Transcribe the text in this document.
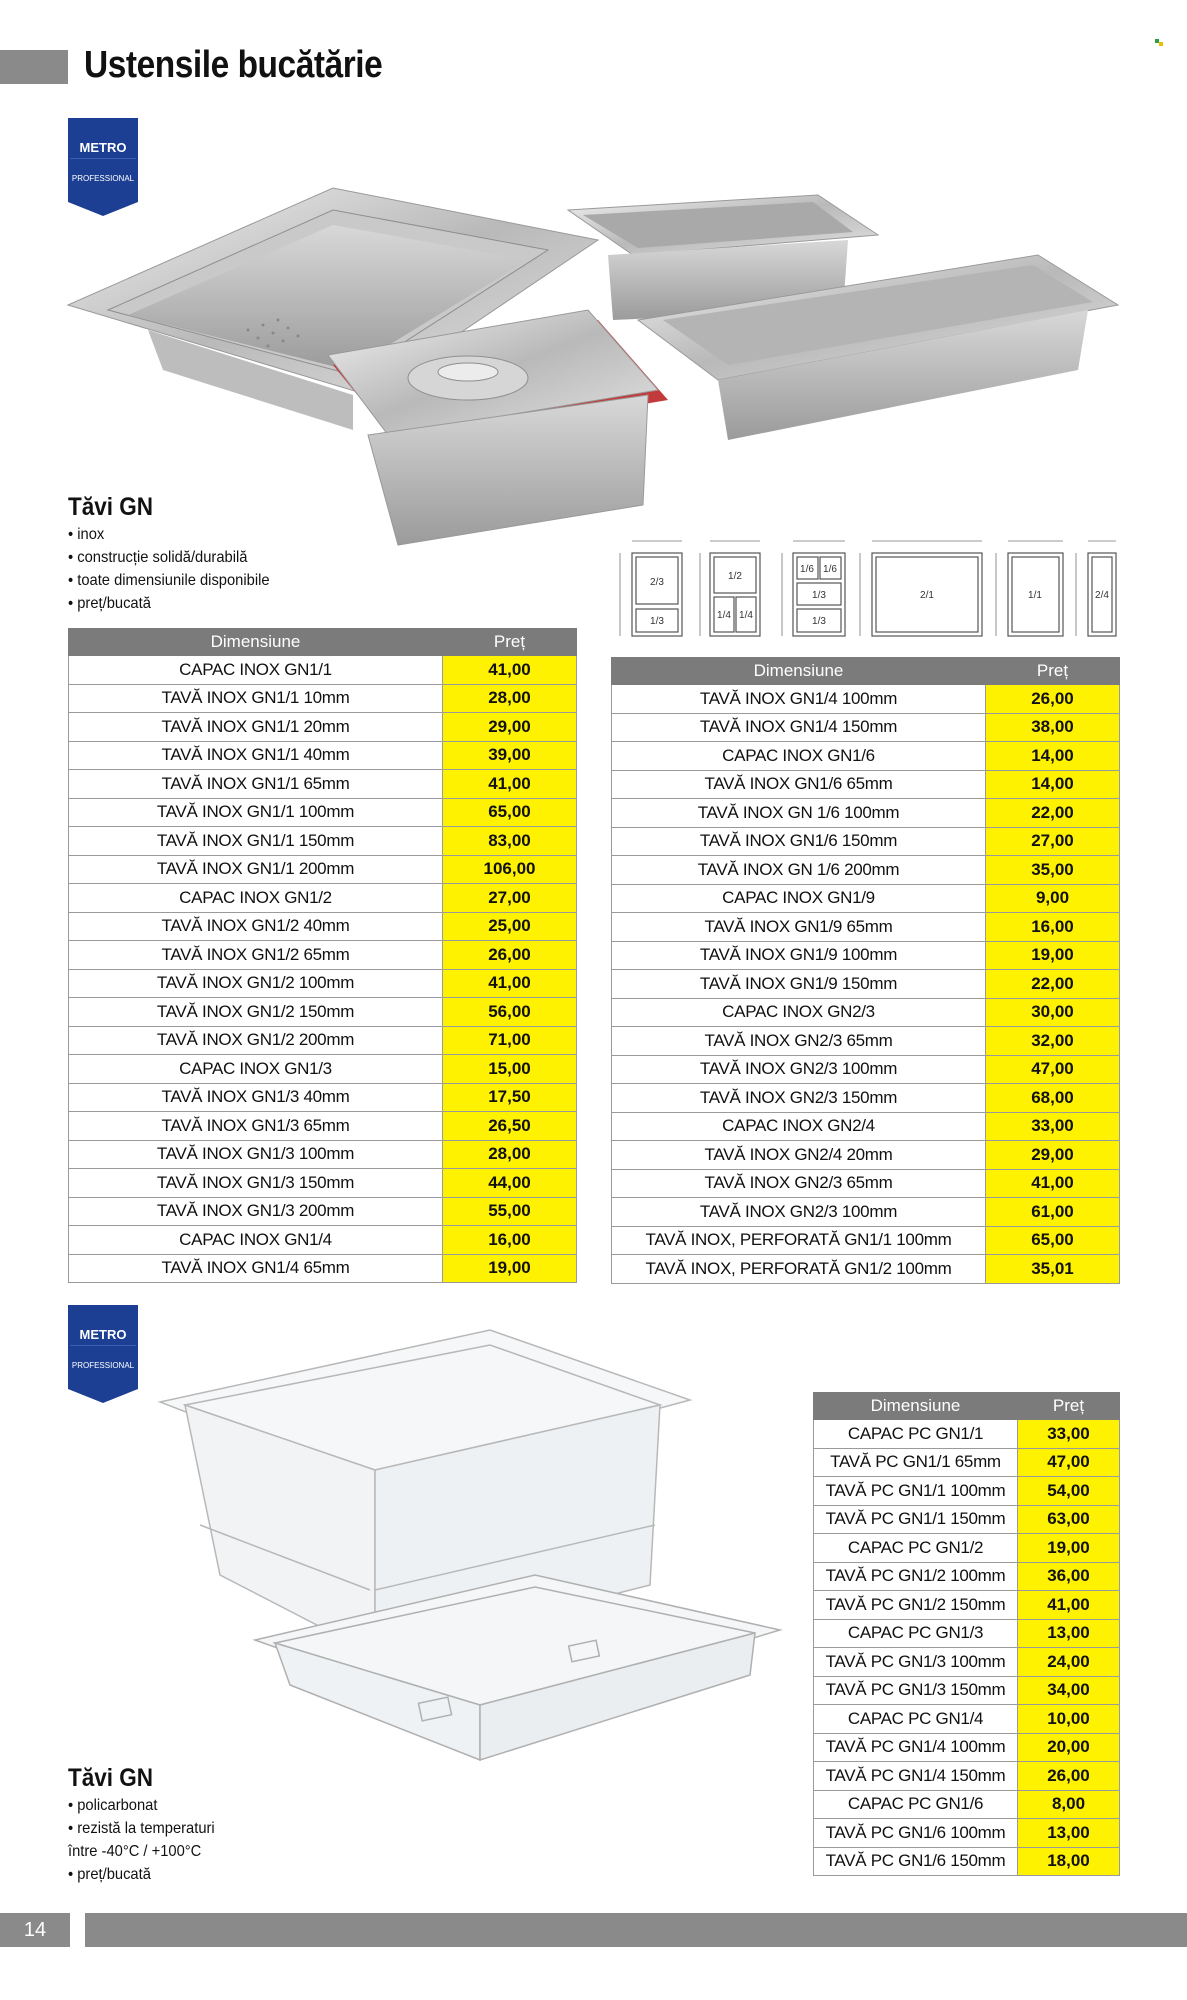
Ustensile bucătărie
METRO
PROFESSIONAL
Tăvi GN
• inox
• construcție solidă/durabilă
• toate dimensiunile disponibile
• preț/bucată
2/3
1/3
1/2
1/4 1/4
1/6 1/6
1/3
1/3
2/1	1/1	2/4
Dimensiune	Preț
CAPAC INOX GN1/1	41,00
TAVĂ INOX GN1/1 10mm	28,00
TAVĂ INOX GN1/1 20mm	29,00
TAVĂ INOX GN1/1 40mm	39,00
TAVĂ INOX GN1/1 65mm	41,00
TAVĂ INOX GN1/1 100mm	65,00
TAVĂ INOX GN1/1 150mm	83,00
TAVĂ INOX GN1/1 200mm	106,00
CAPAC INOX GN1/2	27,00
TAVĂ INOX GN1/2 40mm	25,00
TAVĂ INOX GN1/2 65mm	26,00
TAVĂ INOX GN1/2 100mm	41,00
TAVĂ INOX GN1/2 150mm	56,00
TAVĂ INOX GN1/2 200mm	71,00
CAPAC INOX GN1/3	15,00
TAVĂ INOX GN1/3 40mm	17,50
TAVĂ INOX GN1/3 65mm	26,50
TAVĂ INOX GN1/3 100mm	28,00
TAVĂ INOX GN1/3 150mm	44,00
TAVĂ INOX GN1/3 200mm	55,00
CAPAC INOX GN1/4	16,00
TAVĂ INOX GN1/4 65mm	19,00
Dimensiune	Preț
TAVĂ INOX GN1/4 100mm	26,00
TAVĂ INOX GN1/4 150mm	38,00
CAPAC INOX GN1/6	14,00
TAVĂ INOX GN1/6 65mm	14,00
TAVĂ INOX GN 1/6 100mm	22,00
TAVĂ INOX GN1/6 150mm	27,00
TAVĂ INOX GN 1/6 200mm	35,00
CAPAC INOX GN1/9	9,00
TAVĂ INOX GN1/9 65mm	16,00
TAVĂ INOX GN1/9 100mm	19,00
TAVĂ INOX GN1/9 150mm	22,00
CAPAC INOX GN2/3	30,00
TAVĂ INOX GN2/3 65mm	32,00
TAVĂ INOX GN2/3 100mm	47,00
TAVĂ INOX GN2/3 150mm	68,00
CAPAC INOX GN2/4	33,00
TAVĂ INOX GN2/4 20mm	29,00
TAVĂ INOX GN2/3 65mm	41,00
TAVĂ INOX GN2/3 100mm	61,00
TAVĂ INOX, PERFORATĂ GN1/1 100mm	65,00
TAVĂ INOX, PERFORATĂ GN1/2 100mm	35,01
METRO
PROFESSIONAL
Tăvi GN
• policarbonat
• rezistă la temperaturi
între -40°C / +100°C
• preț/bucată
Dimensiune	Preț
CAPAC PC GN1/1	33,00
TAVĂ PC GN1/1 65mm	47,00
TAVĂ PC GN1/1 100mm	54,00
TAVĂ PC GN1/1 150mm	63,00
CAPAC PC GN1/2	19,00
TAVĂ PC GN1/2 100mm	36,00
TAVĂ PC GN1/2 150mm	41,00
CAPAC PC GN1/3	13,00
TAVĂ PC GN1/3 100mm	24,00
TAVĂ PC GN1/3 150mm	34,00
CAPAC PC GN1/4	10,00
TAVĂ PC GN1/4 100mm	20,00
TAVĂ PC GN1/4 150mm	26,00
CAPAC PC GN1/6	8,00
TAVĂ PC GN1/6 100mm	13,00
TAVĂ PC GN1/6 150mm	18,00
14
